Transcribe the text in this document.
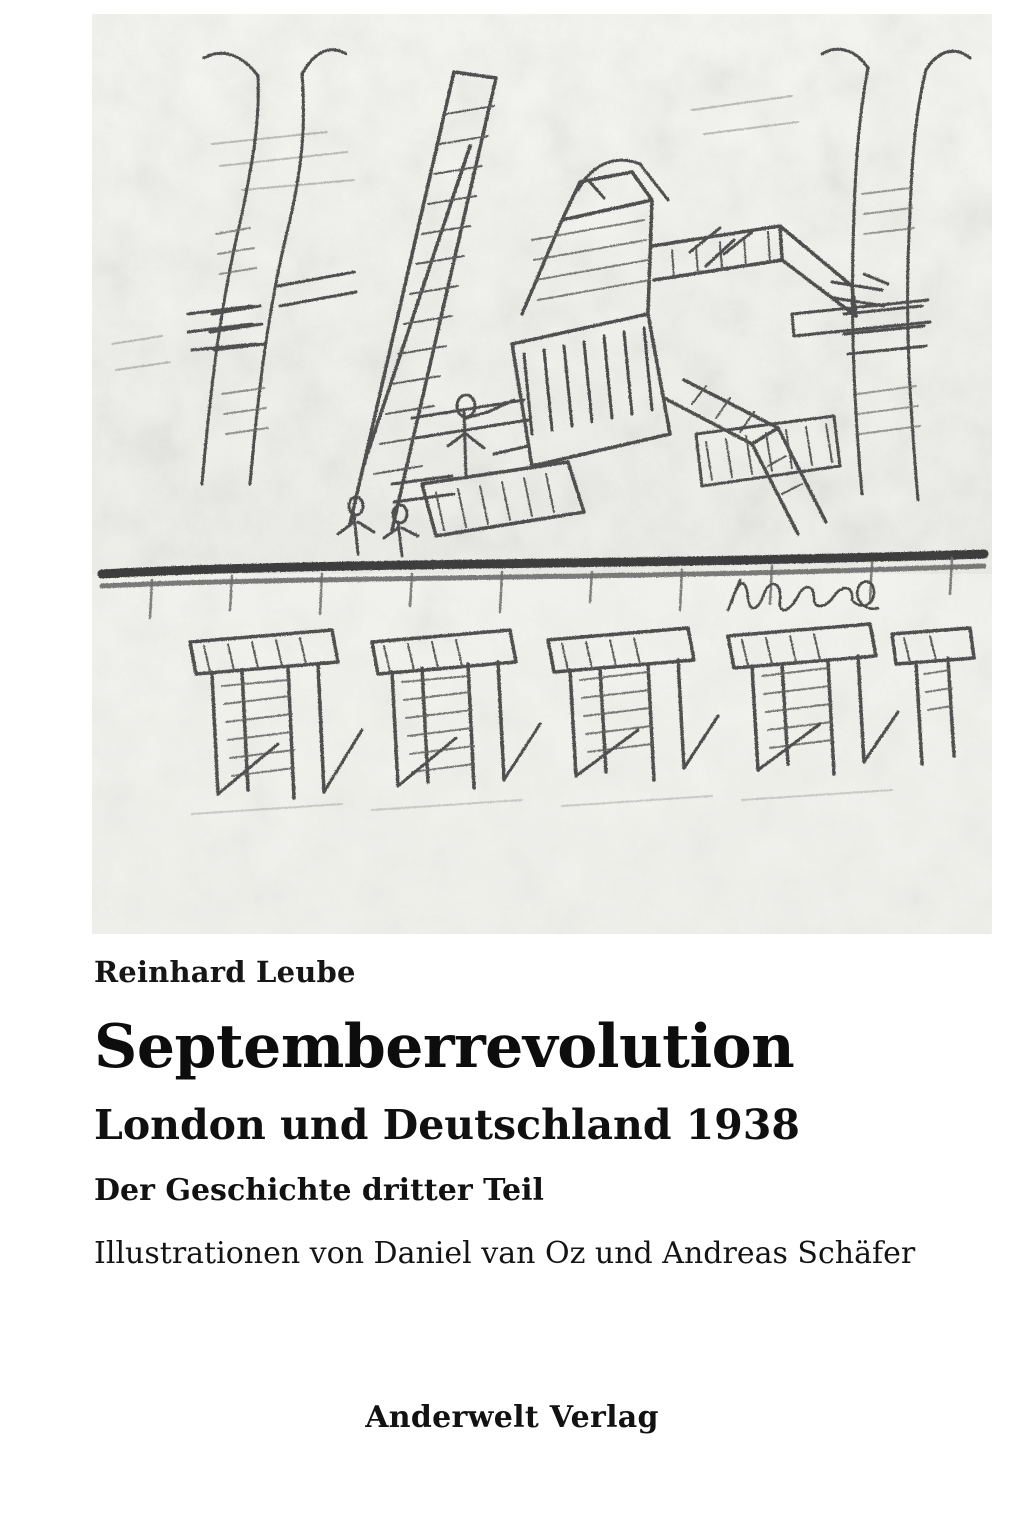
Reinhard Leube

Septemberrevolution
London und Deutschland 1938
Der Geschichte dritter Teil

Illustrationen von Daniel van Oz und Andreas Schäfer

Anderwelt Verlag
